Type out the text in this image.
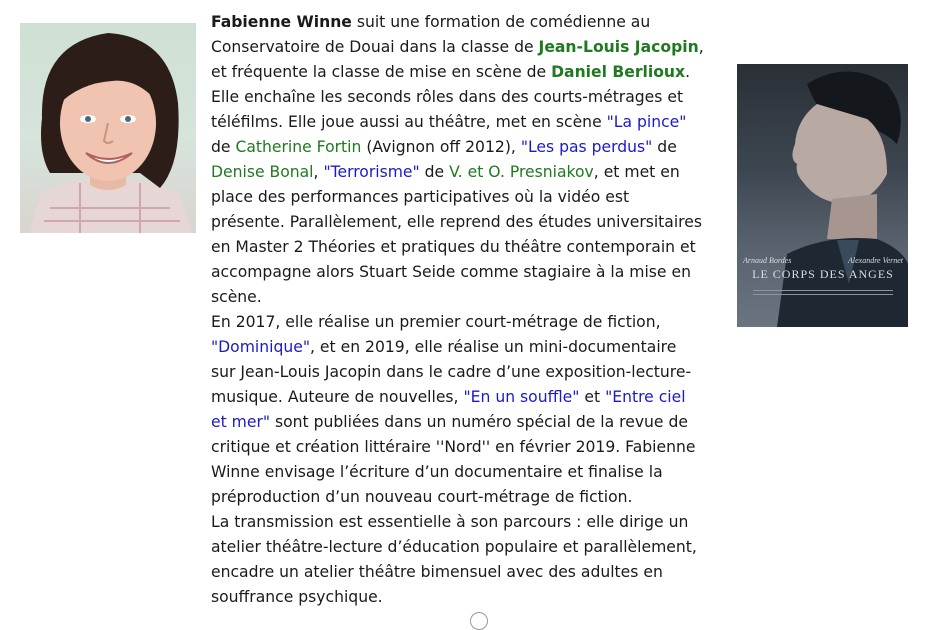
Arnaud Bordes	Alexandre Vernet
LE CORPS DES ANGES
Fabienne Winne suit une formation de comédienne au
Conservatoire de Douai dans la classe de Jean-Louis Jacopin,
et fréquente la classe de mise en scène de Daniel Berlioux.
Elle enchaîne les seconds rôles dans des courts-métrages et
téléfilms. Elle joue aussi au théâtre, met en scène "La pince"
de Catherine Fortin (Avignon off 2012), "Les pas perdus" de
Denise Bonal, "Terrorisme" de V. et O. Presniakov, et met en
place des performances participatives où la vidéo est
présente. Parallèlement, elle reprend des études universitaires
en Master 2 Théories et pratiques du théâtre contemporain et
accompagne alors Stuart Seide comme stagiaire à la mise en
scène.
En 2017, elle réalise un premier court-métrage de fiction,
"Dominique", et en 2019, elle réalise un mini-documentaire
sur Jean-Louis Jacopin dans le cadre d’une exposition-lecture-
musique. Auteure de nouvelles, "En un souffle" et "Entre ciel
et mer" sont publiées dans un numéro spécial de la revue de
critique et création littéraire ''Nord'' en février 2019. Fabienne
Winne envisage l’écriture d’un documentaire et finalise la
préproduction d’un nouveau court-métrage de fiction.
La transmission est essentielle à son parcours : elle dirige un
atelier théâtre-lecture d’éducation populaire et parallèlement,
encadre un atelier théâtre bimensuel avec des adultes en
souffrance psychique.
